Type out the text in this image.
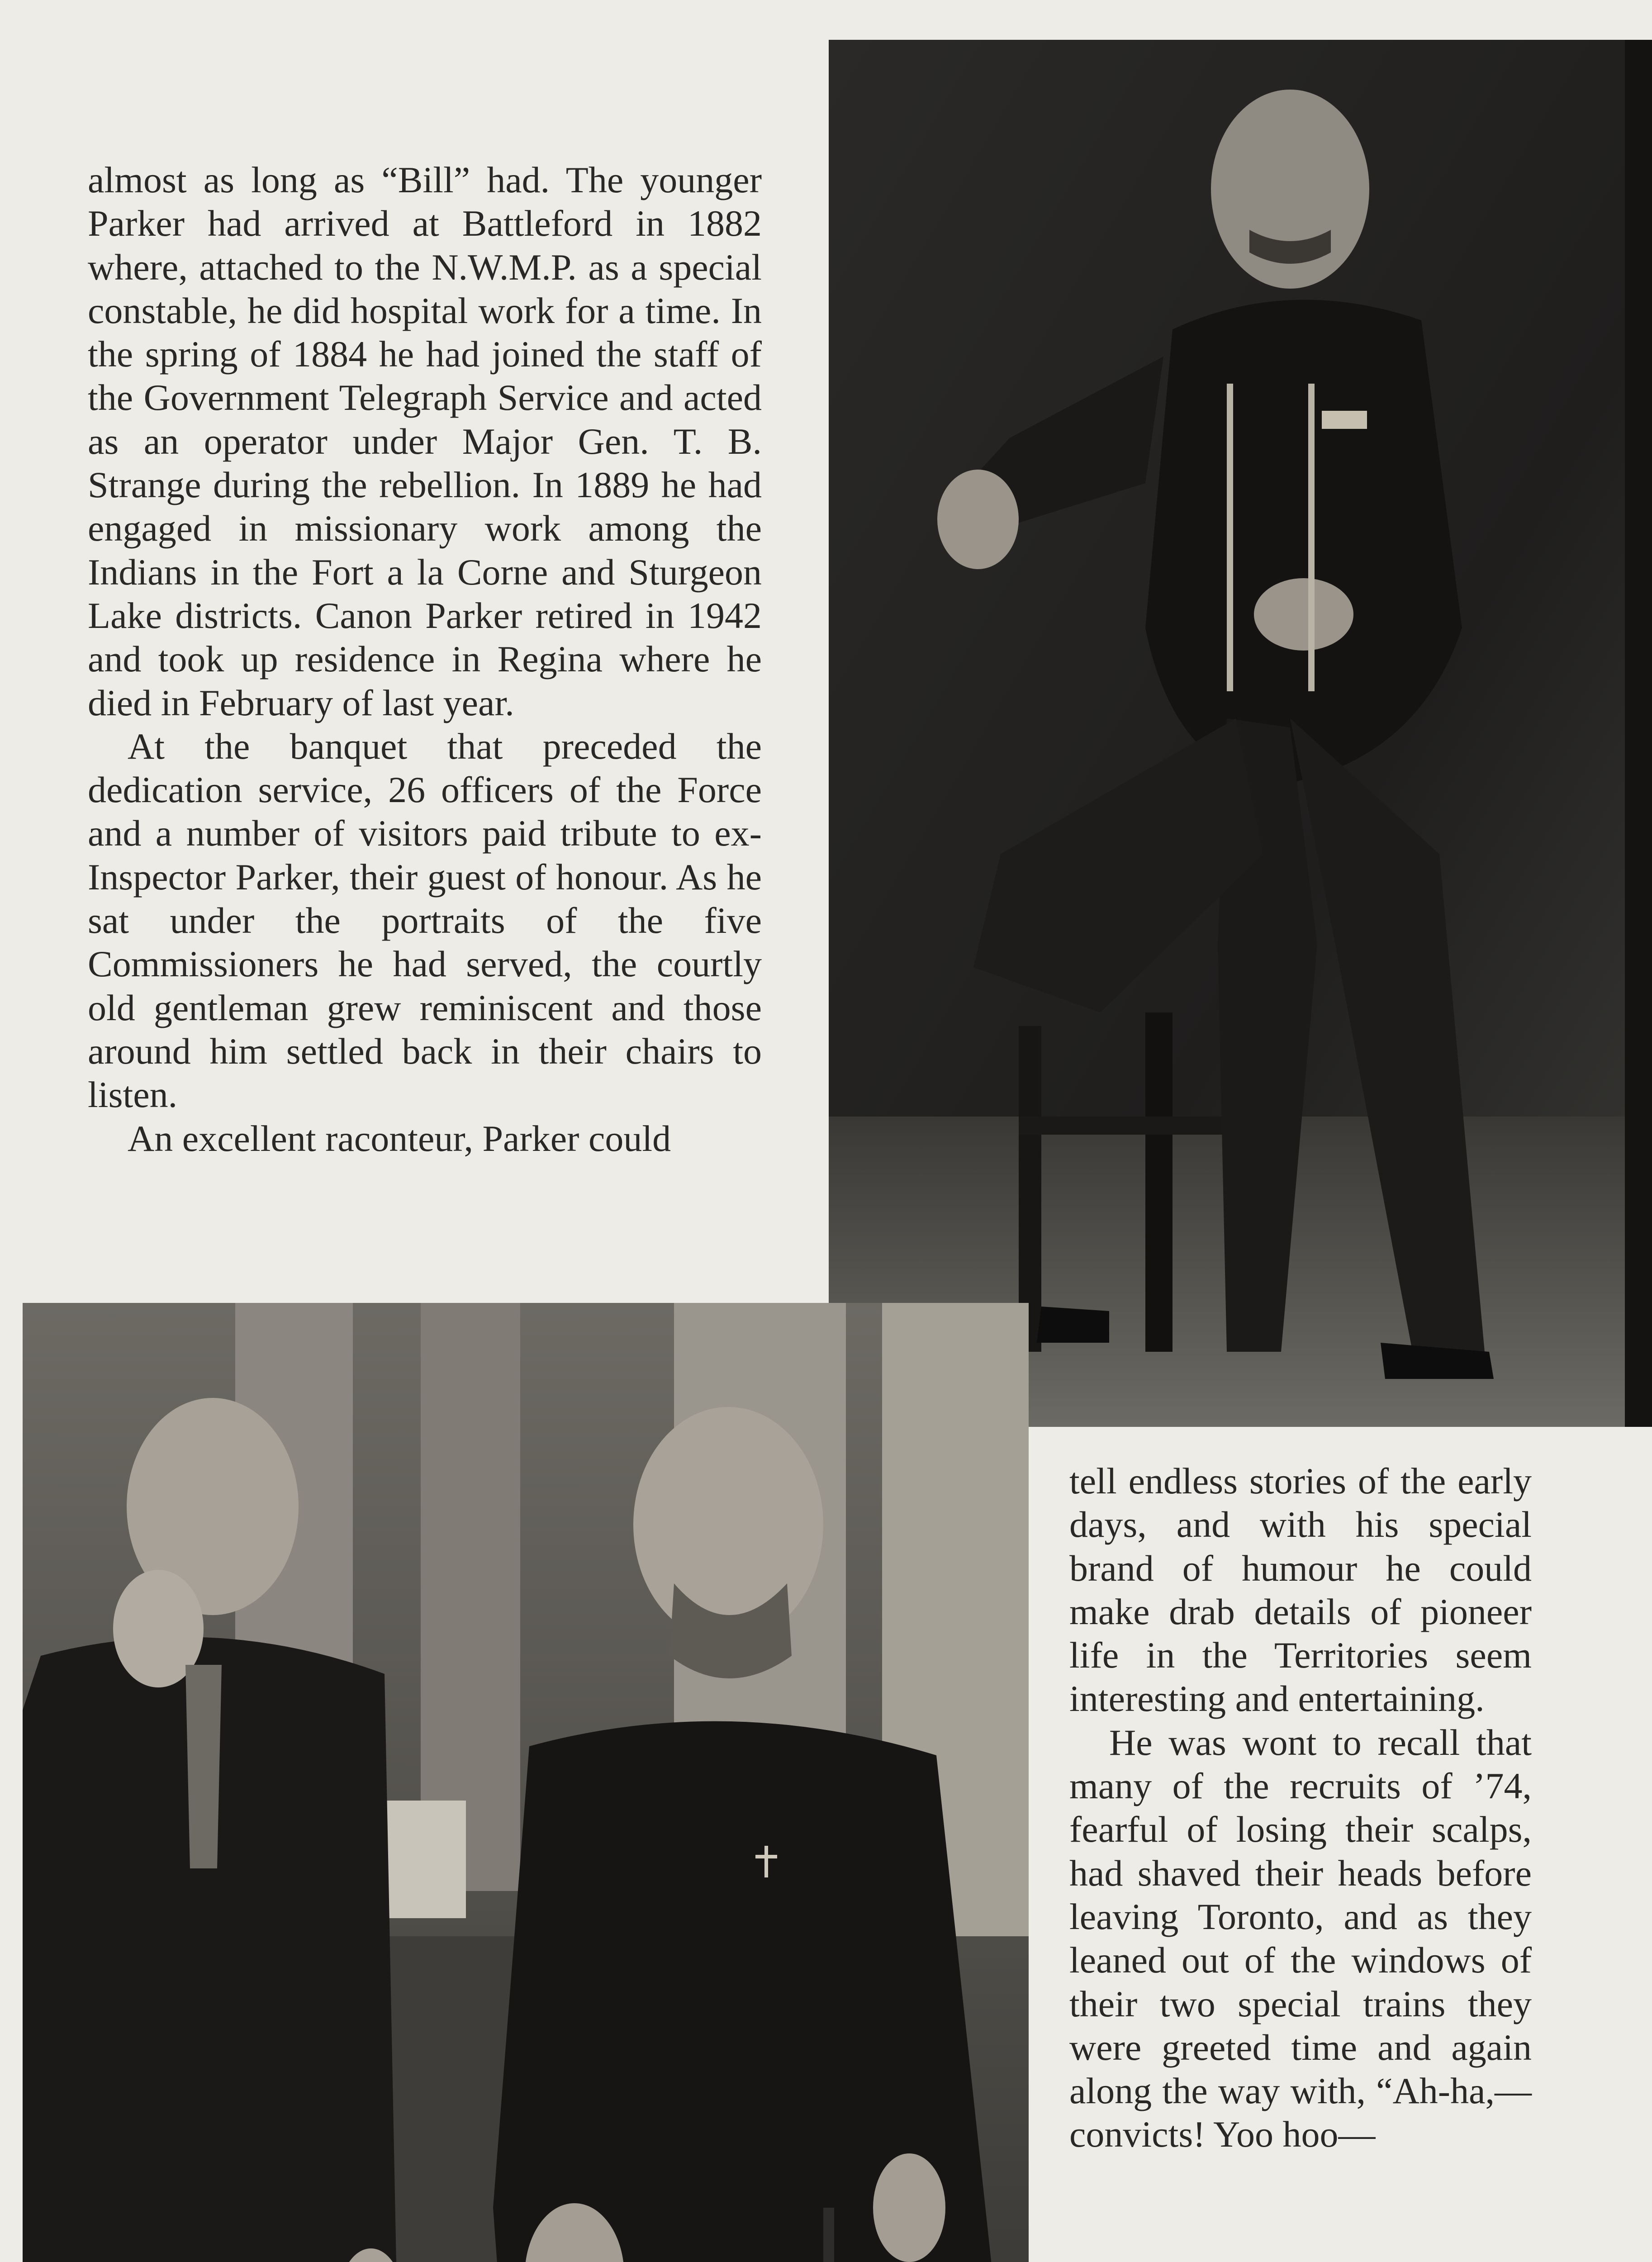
almost as long as “Bill” had. The younger Parker had arrived at Battleford in 1882 where, attached to the N.W.M.P. as a special constable, he did hospital work for a time. In the spring of 1884 he had joined the staff of the Government Telegraph Service and acted as an operator under Major Gen. T. B. Strange during the rebellion. In 1889 he had engaged in missionary work among the Indians in the Fort a la Corne and Sturgeon Lake districts. Canon Parker retired in 1942 and took up residence in Regina where he died in February of last year.

At the banquet that preceded the dedication service, 26 officers of the Force and a number of visitors paid tribute to ex-Inspector Parker, their guest of honour. As he sat under the portraits of the five Commissioners he had served, the courtly old gentleman grew reminiscent and those around him settled back in their chairs to listen.

An excellent raconteur, Parker could

tell endless stories of the early days, and with his special brand of humour he could make drab details of pioneer life in the Territories seem interesting and entertaining.

He was wont to recall that many of the recruits of ’74, fearful of losing their scalps, had shaved their heads before leaving Toronto, and as they leaned out of the windows of their two special trains they were greeted time and again along the way with, “Ah-ha,—convicts! Yoo hoo—
